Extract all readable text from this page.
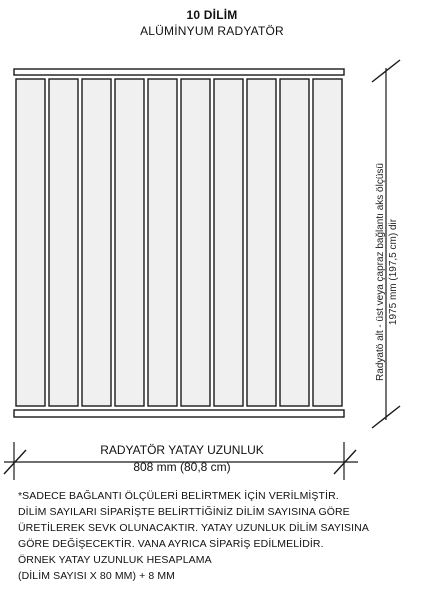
10 DİLİM
ALÜMİNYUM RADYATÖR
Radyatö alt - üst veya çapraz bağlantı aks ölçüsü 1975 mm (197,5 cm) dir
RADYATÖR YATAY UZUNLUK
808 mm (80,8 cm)
*SADECE BAĞLANTI ÖLÇÜLERİ BELİRTMEK İÇİN VERİLMİŞTİR.
DİLİM SAYILARI SİPARİŞTE BELİRTTİĞİNİZ DİLİM SAYISINA GÖRE
ÜRETİLEREK SEVK OLUNACAKTIR. YATAY UZUNLUK DİLİM SAYISINA
GÖRE DEĞİŞECEKTİR. VANA AYRICA SİPARİŞ EDİLMELİDİR.
ÖRNEK YATAY UZUNLUK HESAPLAMA
(DİLİM SAYISI X 80 MM) + 8 MM
